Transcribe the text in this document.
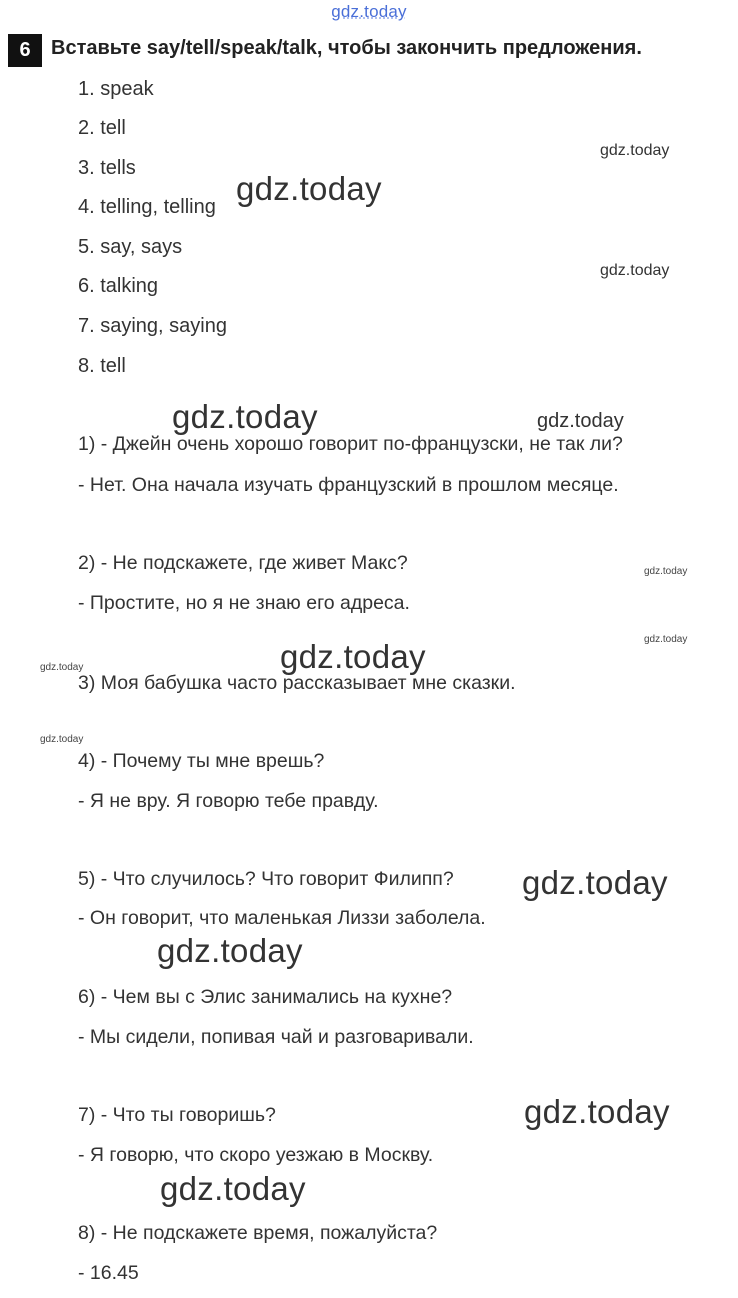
gdz.today
6	Вставьте say/tell/speak/talk, чтобы закончить предложения.
1. speak
2. tell
3. tells
4. telling, telling
5. say, says
6. talking
7. saying, saying
8. tell
1) - Джейн очень хорошо говорит по-французски, не так ли?
- Нет. Она начала изучать французский в прошлом месяце.
2) - Не подскажете, где живет Макс?
- Простите, но я не знаю его адреса.
3) Моя бабушка часто рассказывает мне сказки.
4) - Почему ты мне врешь?
- Я не вру. Я говорю тебе правду.
5) - Что случилось? Что говорит Филипп?
- Он говорит, что маленькая Лиззи заболела.
6) - Чем вы с Элис занимались на кухне?
- Мы сидели, попивая чай и разговаривали.
7) - Что ты говоришь?
- Я говорю, что скоро уезжаю в Москву.
8) - Не подскажете время, пожалуйста?
- 16.45
gdz.today
gdz.today
gdz.today
gdz.today	gdz.today
gdz.today
gdz.today
gdz.today
gdz.today
gdz.today
gdz.today
gdz.today
gdz.today
gdz.today
